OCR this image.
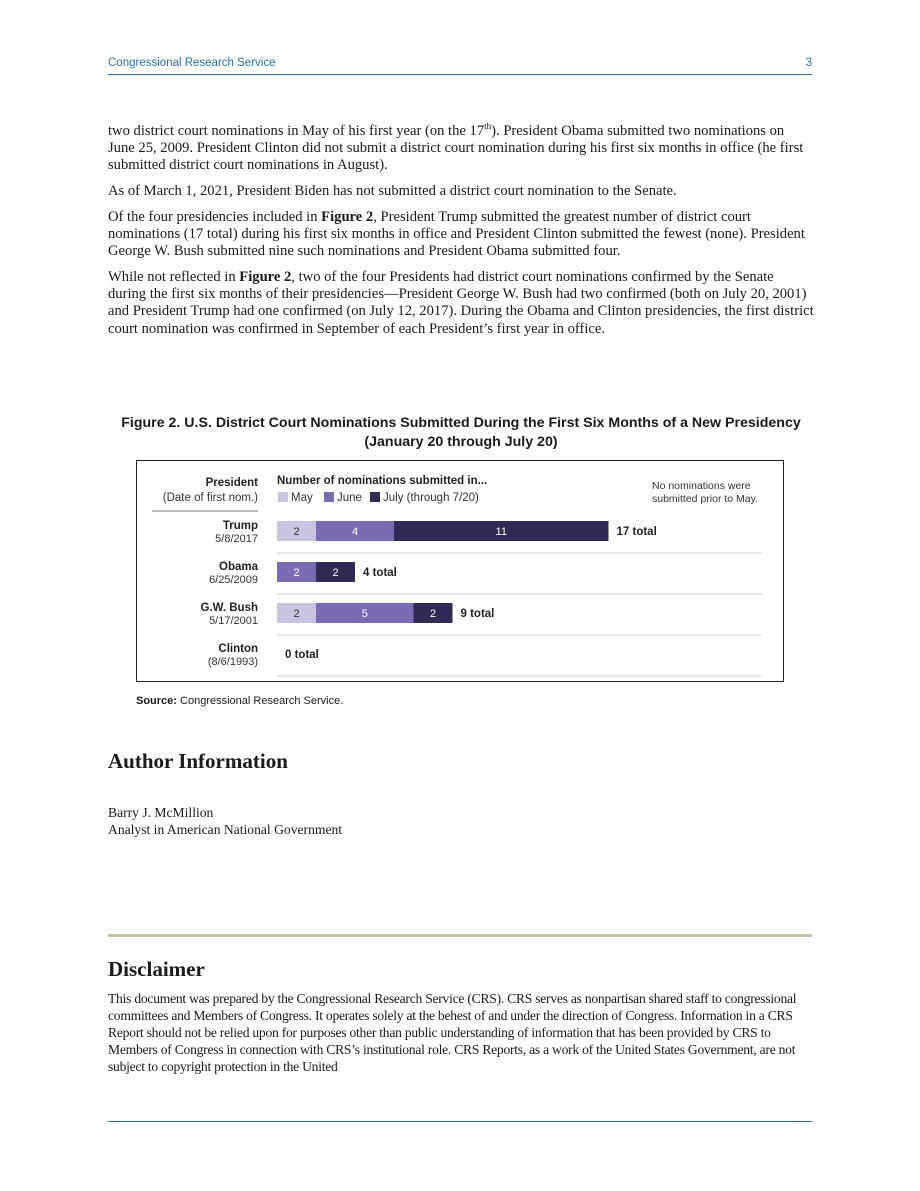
Congressional Research Service	3

two district court nominations in May of his first year (on the 17th). President Obama submitted two nominations on June 25, 2009. President Clinton did not submit a district court nomination during his first six months in office (he first submitted district court nominations in August).

As of March 1, 2021, President Biden has not submitted a district court nomination to the Senate.

Of the four presidencies included in Figure 2, President Trump submitted the greatest number of district court nominations (17 total) during his first six months in office and President Clinton submitted the fewest (none). President George W. Bush submitted nine such nominations and President Obama submitted four.

While not reflected in Figure 2, two of the four Presidents had district court nominations confirmed by the Senate during the first six months of their presidencies—President George W. Bush had two confirmed (both on July 20, 2001) and President Trump had one confirmed (on July 12, 2017). During the Obama and Clinton presidencies, the first district court nomination was confirmed in September of each President’s first year in office.

Figure 2. U.S. District Court Nominations Submitted During the First Six Months of a New Presidency (January 20 through July 20)
President
(Date of first nom.)
Number of nominations submitted in...	No nominations were
submitted prior to May.
May June July (through 7/20)
Trump
5/8/2017
2	4	11	17 total
Obama
6/25/2009
2	2 4 total
G.W. Bush
5/17/2001
2	5	2 9 total
Clinton
(8/6/1993)
0 total
Source: Congressional Research Service.
Author Information
Barry J. McMillion
Analyst in American National Government
Disclaimer
This document was prepared by the Congressional Research Service (CRS). CRS serves as nonpartisan shared staff to congressional committees and Members of Congress. It operates solely at the behest of and under the direction of Congress. Information in a CRS Report should not be relied upon for purposes other than public understanding of information that has been provided by CRS to Members of Congress in connection with CRS’s institutional role. CRS Reports, as a work of the United States Government, are not subject to copyright protection in the United
